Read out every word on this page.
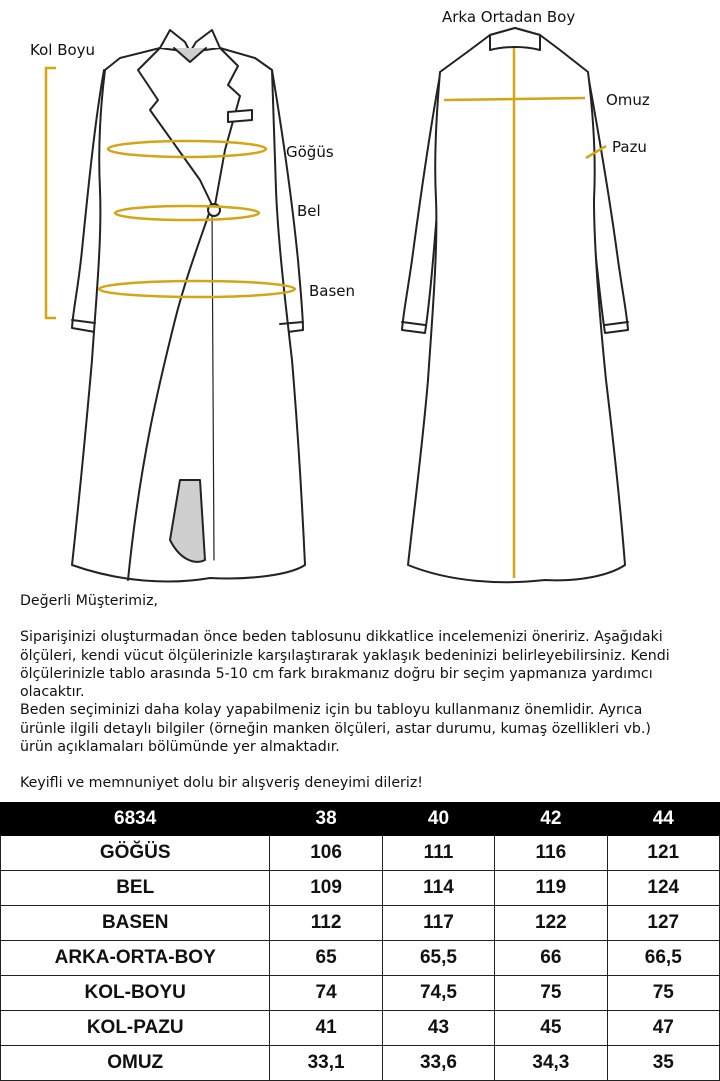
Kol Boyu
Göğüs
Bel
Basen
Arka Ortadan Boy
Omuz
Pazu

Değerli Müşterimiz,

Siparişinizi oluşturmadan önce beden tablosunu dikkatlice incelemenizi öneririz. Aşağıdaki

ölçüleri, kendi vücut ölçülerinizle karşılaştırarak yaklaşık bedeninizi belirleyebilirsiniz. Kendi

ölçülerinizle tablo arasında 5-10 cm fark bırakmanız doğru bir seçim yapmanıza yardımcı

olacaktır.

Beden seçiminizi daha kolay yapabilmeniz için bu tabloyu kullanmanız önemlidir. Ayrıca

ürünle ilgili detaylı bilgiler (örneğin manken ölçüleri, astar durumu, kumaş özellikleri vb.)

ürün açıklamaları bölümünde yer almaktadır.

Keyifli ve memnuniyet dolu bir alışveriş deneyimi dileriz!

6834	38	40	42	44
GÖĞÜS	106	111	116	121
BEL	109	114	119	124
BASEN	112	117	122	127
ARKA-ORTA-BOY	65	65,5	66	66,5
KOL-BOYU	74	74,5	75	75
KOL-PAZU	41	43	45	47
OMUZ	33,1	33,6	34,3	35
